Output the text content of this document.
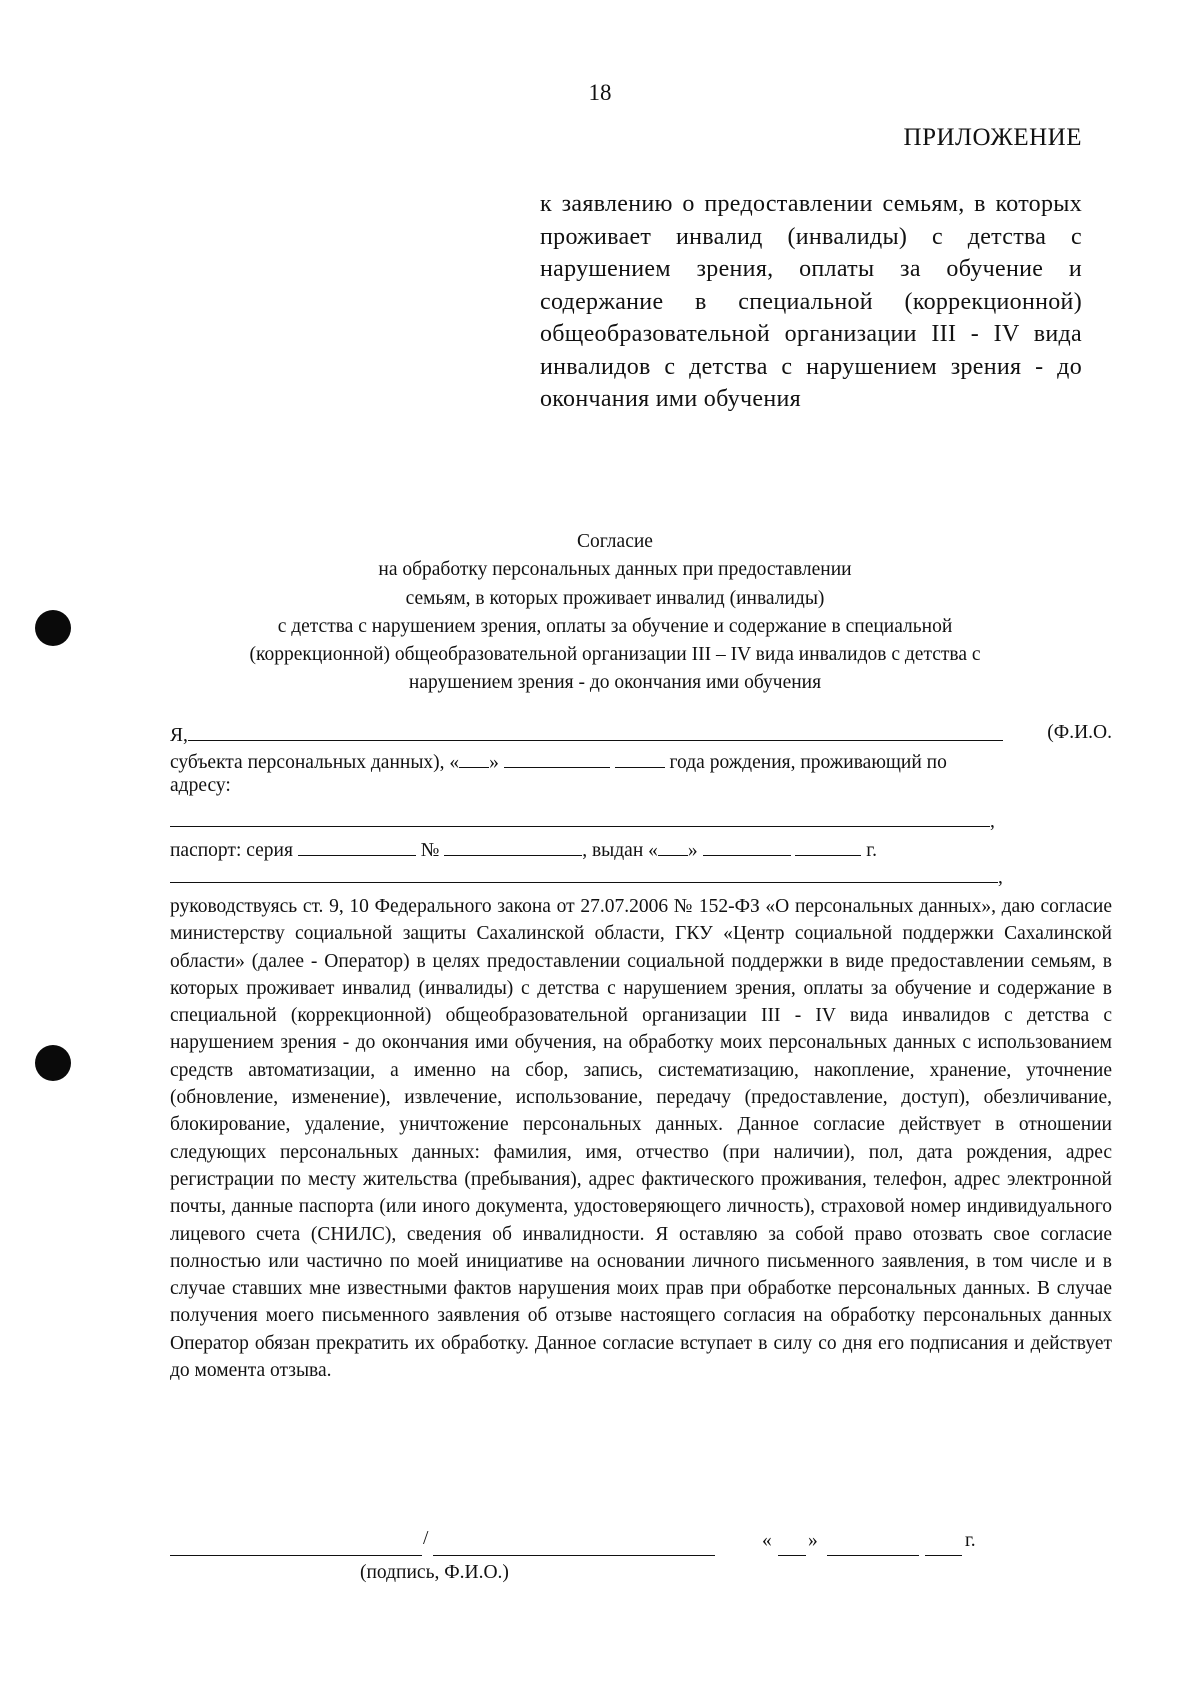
18
ПРИЛОЖЕНИЕ

к заявлению о предоставлении семьям, в которых проживает инвалид (инвалиды) с детства с нарушением зрения, оплаты за обучение и содержание в специальной (коррекционной) общеобразовательной организации III - IV вида инвалидов с детства с нарушением зрения - до окончания ими обучения

Согласие
на обработку персональных данных при предоставлении
семьям, в которых проживает инвалид (инвалиды)
с детства с нарушением зрения, оплаты за обучение и содержание в специальной
(коррекционной) общеобразовательной организации III – IV вида инвалидов с детства с
нарушением зрения - до окончания ими обучения
Я,	(Ф.И.О.
субъекта персональных данных), « »	года рождения, проживающий по
адресу:
,
паспорт: серия	№	, выдан « »	г.
,

руководствуясь ст. 9, 10 Федерального закона от 27.07.2006 № 152-ФЗ «О персональных данных», даю согласие министерству социальной защиты Сахалинской области, ГКУ «Центр социальной поддержки Сахалинской области» (далее - Оператор) в целях предоставлении социальной поддержки в виде предоставлении семьям, в которых проживает инвалид (инвалиды) с детства с нарушением зрения, оплаты за обучение и содержание в специальной (коррекционной) общеобразовательной организации III - IV вида инвалидов с детства с нарушением зрения - до окончания ими обучения, на обработку моих персональных данных с использованием средств автоматизации, а именно на сбор, запись, систематизацию, накопление, хранение, уточнение (обновление, изменение), извлечение, использование, передачу (предоставление, доступ), обезличивание, блокирование, удаление, уничтожение персональных данных. Данное согласие действует в отношении следующих персональных данных: фамилия, имя, отчество (при наличии), пол, дата рождения, адрес регистрации по месту жительства (пребывания), адрес фактического проживания, телефон, адрес электронной почты, данные паспорта (или иного документа, удостоверяющего личность), страховой номер индивидуального лицевого счета (СНИЛС), сведения об инвалидности. Я оставляю за собой право отозвать свое согласие полностью или частично по моей инициативе на основании личного письменного заявления, в том числе и в случае ставших мне известными фактов нарушения моих прав при обработке персональных данных. В случае получения моего письменного заявления об отзыве настоящего согласия на обработку персональных данных Оператор обязан прекратить их обработку. Данное согласие вступает в силу со дня его подписания и действует до момента отзыва.

/	« »	г.
(подпись, Ф.И.О.)
